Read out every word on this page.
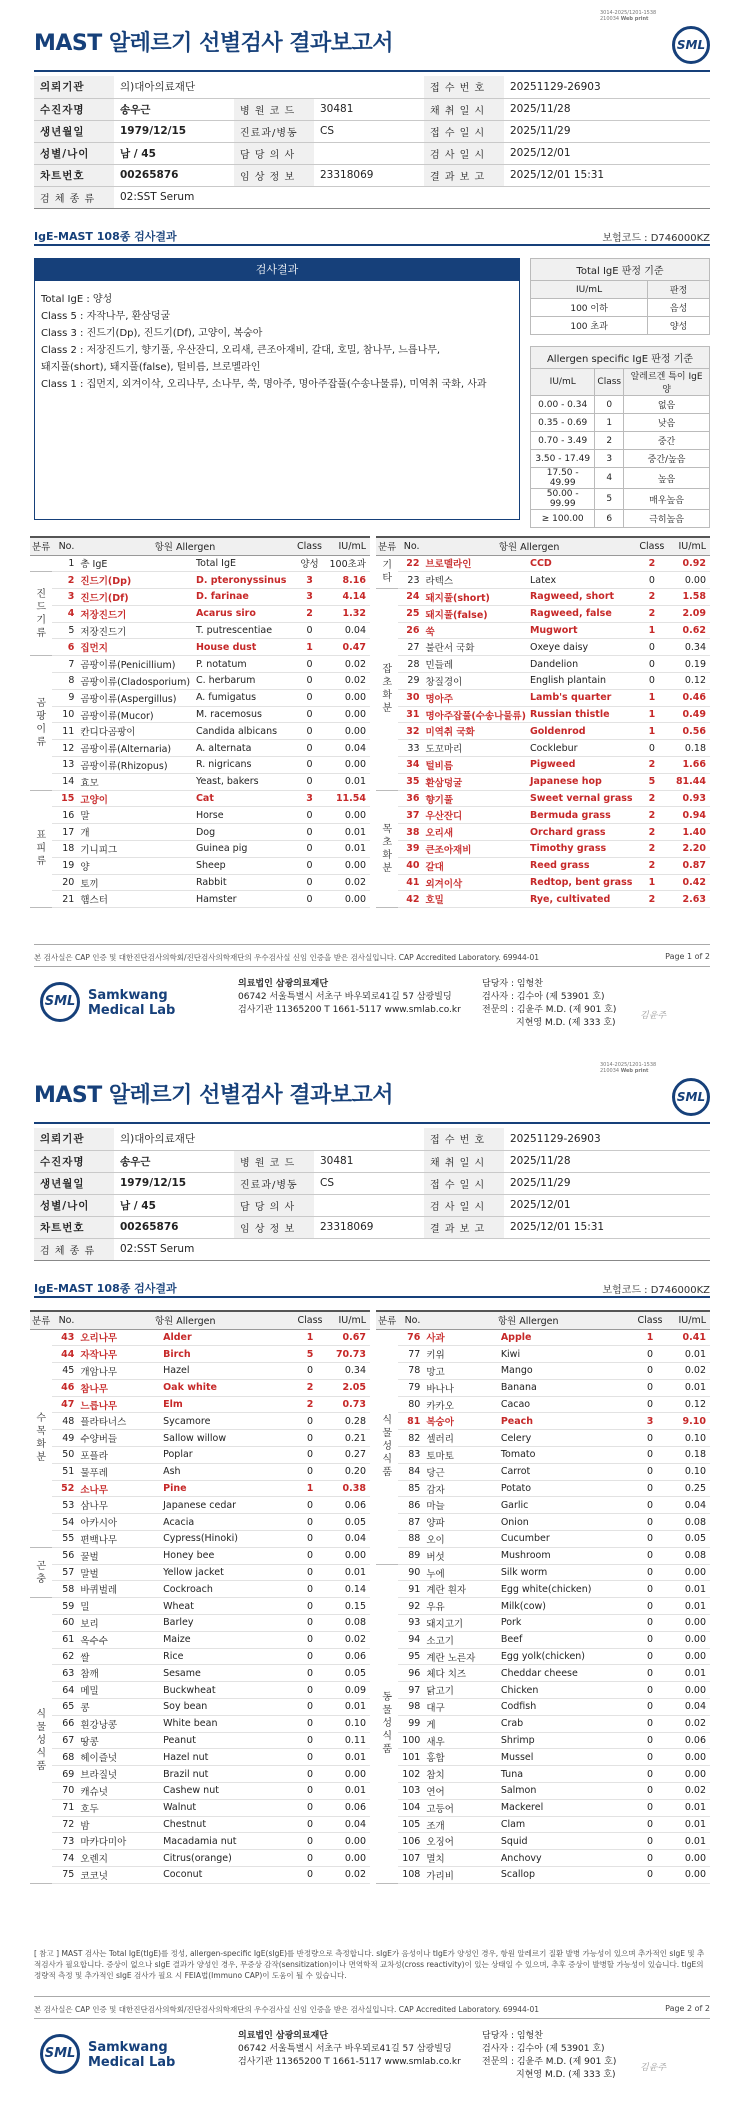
3014-2025/1201-1538
210034 Web print
MAST 알레르기 선별검사 결과보고서	SML
의뢰기관	의)대아의료재단			접 수 번 호	20251129-26903
수진자명	송우근	병 원 코 드	30481	채 취 일 시	2025/11/28
생년월일	1979/12/15	진료과/병동	CS	접 수 일 시	2025/11/29
성별/나이	남 / 45	담 당 의 사		검 사 일 시	2025/12/01
차트번호	00265876	임 상 정 보	23318069	결 과 보 고	2025/12/01 15:31
검 체 종 류	02:SST Serum				
IgE-MAST 108종 검사결과	보험코드 : D746000KZ
검사결과
Total IgE : 양성
Class 5 : 자작나무, 환삼덩굴
Class 3 : 진드기(Dp), 진드기(Df), 고양이, 복숭아
Class 2 : 저장진드기, 향기풀, 우산잔디, 오리새, 큰조아재비, 갈대, 호밀, 참나무, 느릅나무,
돼지풀(short), 돼지풀(false), 털비름, 브로멜라인
Class 1 : 집먼지, 외겨이삭, 오리나무, 소나무, 쑥, 명아주, 명아주잡풀(수송나물류), 미역취 국화, 사과
Total IgE 판정 기준	
IU/mL	판정
100 이하	음성
100 초과	양성
Allergen specific IgE 판정 기준		
IU/mL	Class	알레르겐 특이 IgE 양
0.00 - 0.34	0	없음
0.35 - 0.69	1	낮음
0.70 - 3.49	2	중간
3.50 - 17.49	3	중간/높음
17.50 - 49.99	4	높음
50.00 - 99.99	5	매우높음
≥ 100.00	6	극히높음
분류	No.	항원 Allergen		Class	IU/mL
	1	총 IgE	Total IgE	양성	100초과

진
드
기
류	2	진드기(Dp)	D. pteronyssinus	3	8.16
	3	진드기(Df)	D. farinae	3	4.14
	4	저장진드기	Acarus siro	2	1.32
	5	저장진드기	T. putrescentiae	0	0.04
	6	집먼지	House dust	1	0.47

곰
팡
이
류	7	곰팡이류(Penicillium)	P. notatum	0	0.02
	8	곰팡이류(Cladosporium)	C. herbarum	0	0.02
	9	곰팡이류(Aspergillus)	A. fumigatus	0	0.00
	10	곰팡이류(Mucor)	M. racemosus	0	0.00
	11	칸디다곰팡이	Candida albicans	0	0.00
	12	곰팡이류(Alternaria)	A. alternata	0	0.04
	13	곰팡이류(Rhizopus)	R. nigricans	0	0.00
	14	효모	Yeast, bakers	0	0.01

표
피
류	15	고양이	Cat	3	11.54
	16	말	Horse	0	0.00
	17	개	Dog	0	0.01
	18	기니피그	Guinea pig	0	0.01
	19	양	Sheep	0	0.00
	20	토끼	Rabbit	0	0.02
	21	햄스터	Hamster	0	0.00
분류	No.	항원 Allergen		Class	IU/mL

기
타	22	브로멜라인	CCD	2	0.92
	23	라텍스	Latex	0	0.00

잡
초
화
분	24	돼지풀(short)	Ragweed, short	2	1.58
	25	돼지풀(false)	Ragweed, false	2	2.09
	26	쑥	Mugwort	1	0.62
	27	불란서 국화	Oxeye daisy	0	0.34
	28	민들레	Dandelion	0	0.19
	29	창질경이	English plantain	0	0.12
	30	명아주	Lamb's quarter	1	0.46
	31	명아주잡풀(수송나물류)	Russian thistle	1	0.49
	32	미역취 국화	Goldenrod	1	0.56
	33	도꼬마리	Cocklebur	0	0.18
	34	털비름	Pigweed	2	1.66
	35	환삼덩굴	Japanese hop	5	81.44

목
초
화
분	36	향기풀	Sweet vernal grass	2	0.93
	37	우산잔디	Bermuda grass	2	0.94
	38	오리새	Orchard grass	2	1.40
	39	큰조아재비	Timothy grass	2	2.20
	40	갈대	Reed grass	2	0.87
	41	외겨이삭	Redtop, bent grass	1	0.42
	42	호밀	Rye, cultivated	2	2.63
본 검사실은 CAP 인증 및 대한진단검사의학회/진단검사의학재단의 우수검사실 신임 인증을 받은 검사실입니다. CAP Accredited Laboratory. 69944-01	Page 1 of 2
SML Samkwang
Medical Lab
의료법인 삼광의료재단
06742 서울특별시 서초구 바우뫼로41길 57 삼광빌딩
검사기관 11365200 T 1661-5117 www.smlab.co.kr
담당자 : 임형찬
검사자 : 김수아 (제 53901 호)
전문의 : 김윤주 M.D. (제 901 호)
지현영 M.D. (제 333 호)
김윤주
3014-2025/1201-1538
210034 Web print
MAST 알레르기 선별검사 결과보고서	SML
의뢰기관	의)대아의료재단			접 수 번 호	20251129-26903
수진자명	송우근	병 원 코 드	30481	채 취 일 시	2025/11/28
생년월일	1979/12/15	진료과/병동	CS	접 수 일 시	2025/11/29
성별/나이	남 / 45	담 당 의 사		검 사 일 시	2025/12/01
차트번호	00265876	임 상 정 보	23318069	결 과 보 고	2025/12/01 15:31
검 체 종 류	02:SST Serum				
IgE-MAST 108종 검사결과	보험코드 : D746000KZ
분류	No.	항원 Allergen		Class	IU/mL

수
목
화
분	43	오리나무	Alder	1	0.67
	44	자작나무	Birch	5	70.73
	45	개암나무	Hazel	0	0.34
	46	참나무	Oak white	2	2.05
	47	느릅나무	Elm	2	0.73
	48	플라타너스	Sycamore	0	0.28
	49	수양버들	Sallow willow	0	0.21
	50	포플라	Poplar	0	0.27
	51	물푸레	Ash	0	0.20
	52	소나무	Pine	1	0.38
	53	삼나무	Japanese cedar	0	0.06
	54	아카시아	Acacia	0	0.05
	55	편백나무	Cypress(Hinoki)	0	0.04

곤
충	56	꿀벌	Honey bee	0	0.00
	57	말벌	Yellow jacket	0	0.01
	58	바퀴벌레	Cockroach	0	0.14

식
물
성
식
품	59	밀	Wheat	0	0.15
	60	보리	Barley	0	0.08
	61	옥수수	Maize	0	0.02
	62	쌀	Rice	0	0.06
	63	참깨	Sesame	0	0.05
	64	메밀	Buckwheat	0	0.09
	65	콩	Soy bean	0	0.01
	66	흰강낭콩	White bean	0	0.10
	67	땅콩	Peanut	0	0.11
	68	헤이즐넛	Hazel nut	0	0.01
	69	브라질넛	Brazil nut	0	0.00
	70	캐슈넛	Cashew nut	0	0.01
	71	호두	Walnut	0	0.06
	72	밤	Chestnut	0	0.04
	73	마카다미아	Macadamia nut	0	0.00
	74	오렌지	Citrus(orange)	0	0.00
	75	코코넛	Coconut	0	0.02
분류	No.	항원 Allergen		Class	IU/mL

식
물
성
식
품	76	사과	Apple	1	0.41
	77	키위	Kiwi	0	0.01
	78	망고	Mango	0	0.02
	79	바나나	Banana	0	0.01
	80	카카오	Cacao	0	0.12
	81	복숭아	Peach	3	9.10
	82	셀러리	Celery	0	0.10
	83	토마토	Tomato	0	0.18
	84	당근	Carrot	0	0.10
	85	감자	Potato	0	0.25
	86	마늘	Garlic	0	0.04
	87	양파	Onion	0	0.08
	88	오이	Cucumber	0	0.05
	89	버섯	Mushroom	0	0.08

동
물
성
식
품	90	누에	Silk worm	0	0.00
	91	계란 흰자	Egg white(chicken)	0	0.01
	92	우유	Milk(cow)	0	0.01
	93	돼지고기	Pork	0	0.00
	94	소고기	Beef	0	0.00
	95	계란 노른자	Egg yolk(chicken)	0	0.00
	96	체다 치즈	Cheddar cheese	0	0.01
	97	닭고기	Chicken	0	0.00
	98	대구	Codfish	0	0.04
	99	게	Crab	0	0.02
	100	새우	Shrimp	0	0.06
	101	홍합	Mussel	0	0.00
	102	참치	Tuna	0	0.00
	103	연어	Salmon	0	0.02
	104	고등어	Mackerel	0	0.01
	105	조개	Clam	0	0.01
	106	오징어	Squid	0	0.01
	107	멸치	Anchovy	0	0.00
	108	가리비	Scallop	0	0.00
[ 참고 ] MAST 검사는 Total IgE(tIgE)를 정성, allergen-specific IgE(sIgE)를 반정량으로 측정합니다. sIgE가 음성이나 tIgE가 양성인 경우, 항원 알레르기 질환 발병 가능성이 있으며 추가적인 sIgE 및 추적검사가 필요합니다. 증상이 없으나 sIgE 결과가 양성인 경우, 무증상 감작(sensitization)이나 면역학적 교차성(cross reactivity)이 있는 상태일 수 있으며, 추후 증상이 발병할 가능성이 있습니다. tIgE의 정량적 측정 및 추가적인 sIgE 검사가 필요 시 FEIA법(Immuno CAP)이 도움이 될 수 있습니다.
본 검사실은 CAP 인증 및 대한진단검사의학회/진단검사의학재단의 우수검사실 신임 인증을 받은 검사실입니다. CAP Accredited Laboratory. 69944-01	Page 2 of 2
SML Samkwang
Medical Lab
의료법인 삼광의료재단
06742 서울특별시 서초구 바우뫼로41길 57 삼광빌딩
검사기관 11365200 T 1661-5117 www.smlab.co.kr
담당자 : 임형찬
검사자 : 김수아 (제 53901 호)
전문의 : 김윤주 M.D. (제 901 호)
지현영 M.D. (제 333 호)
김윤주
